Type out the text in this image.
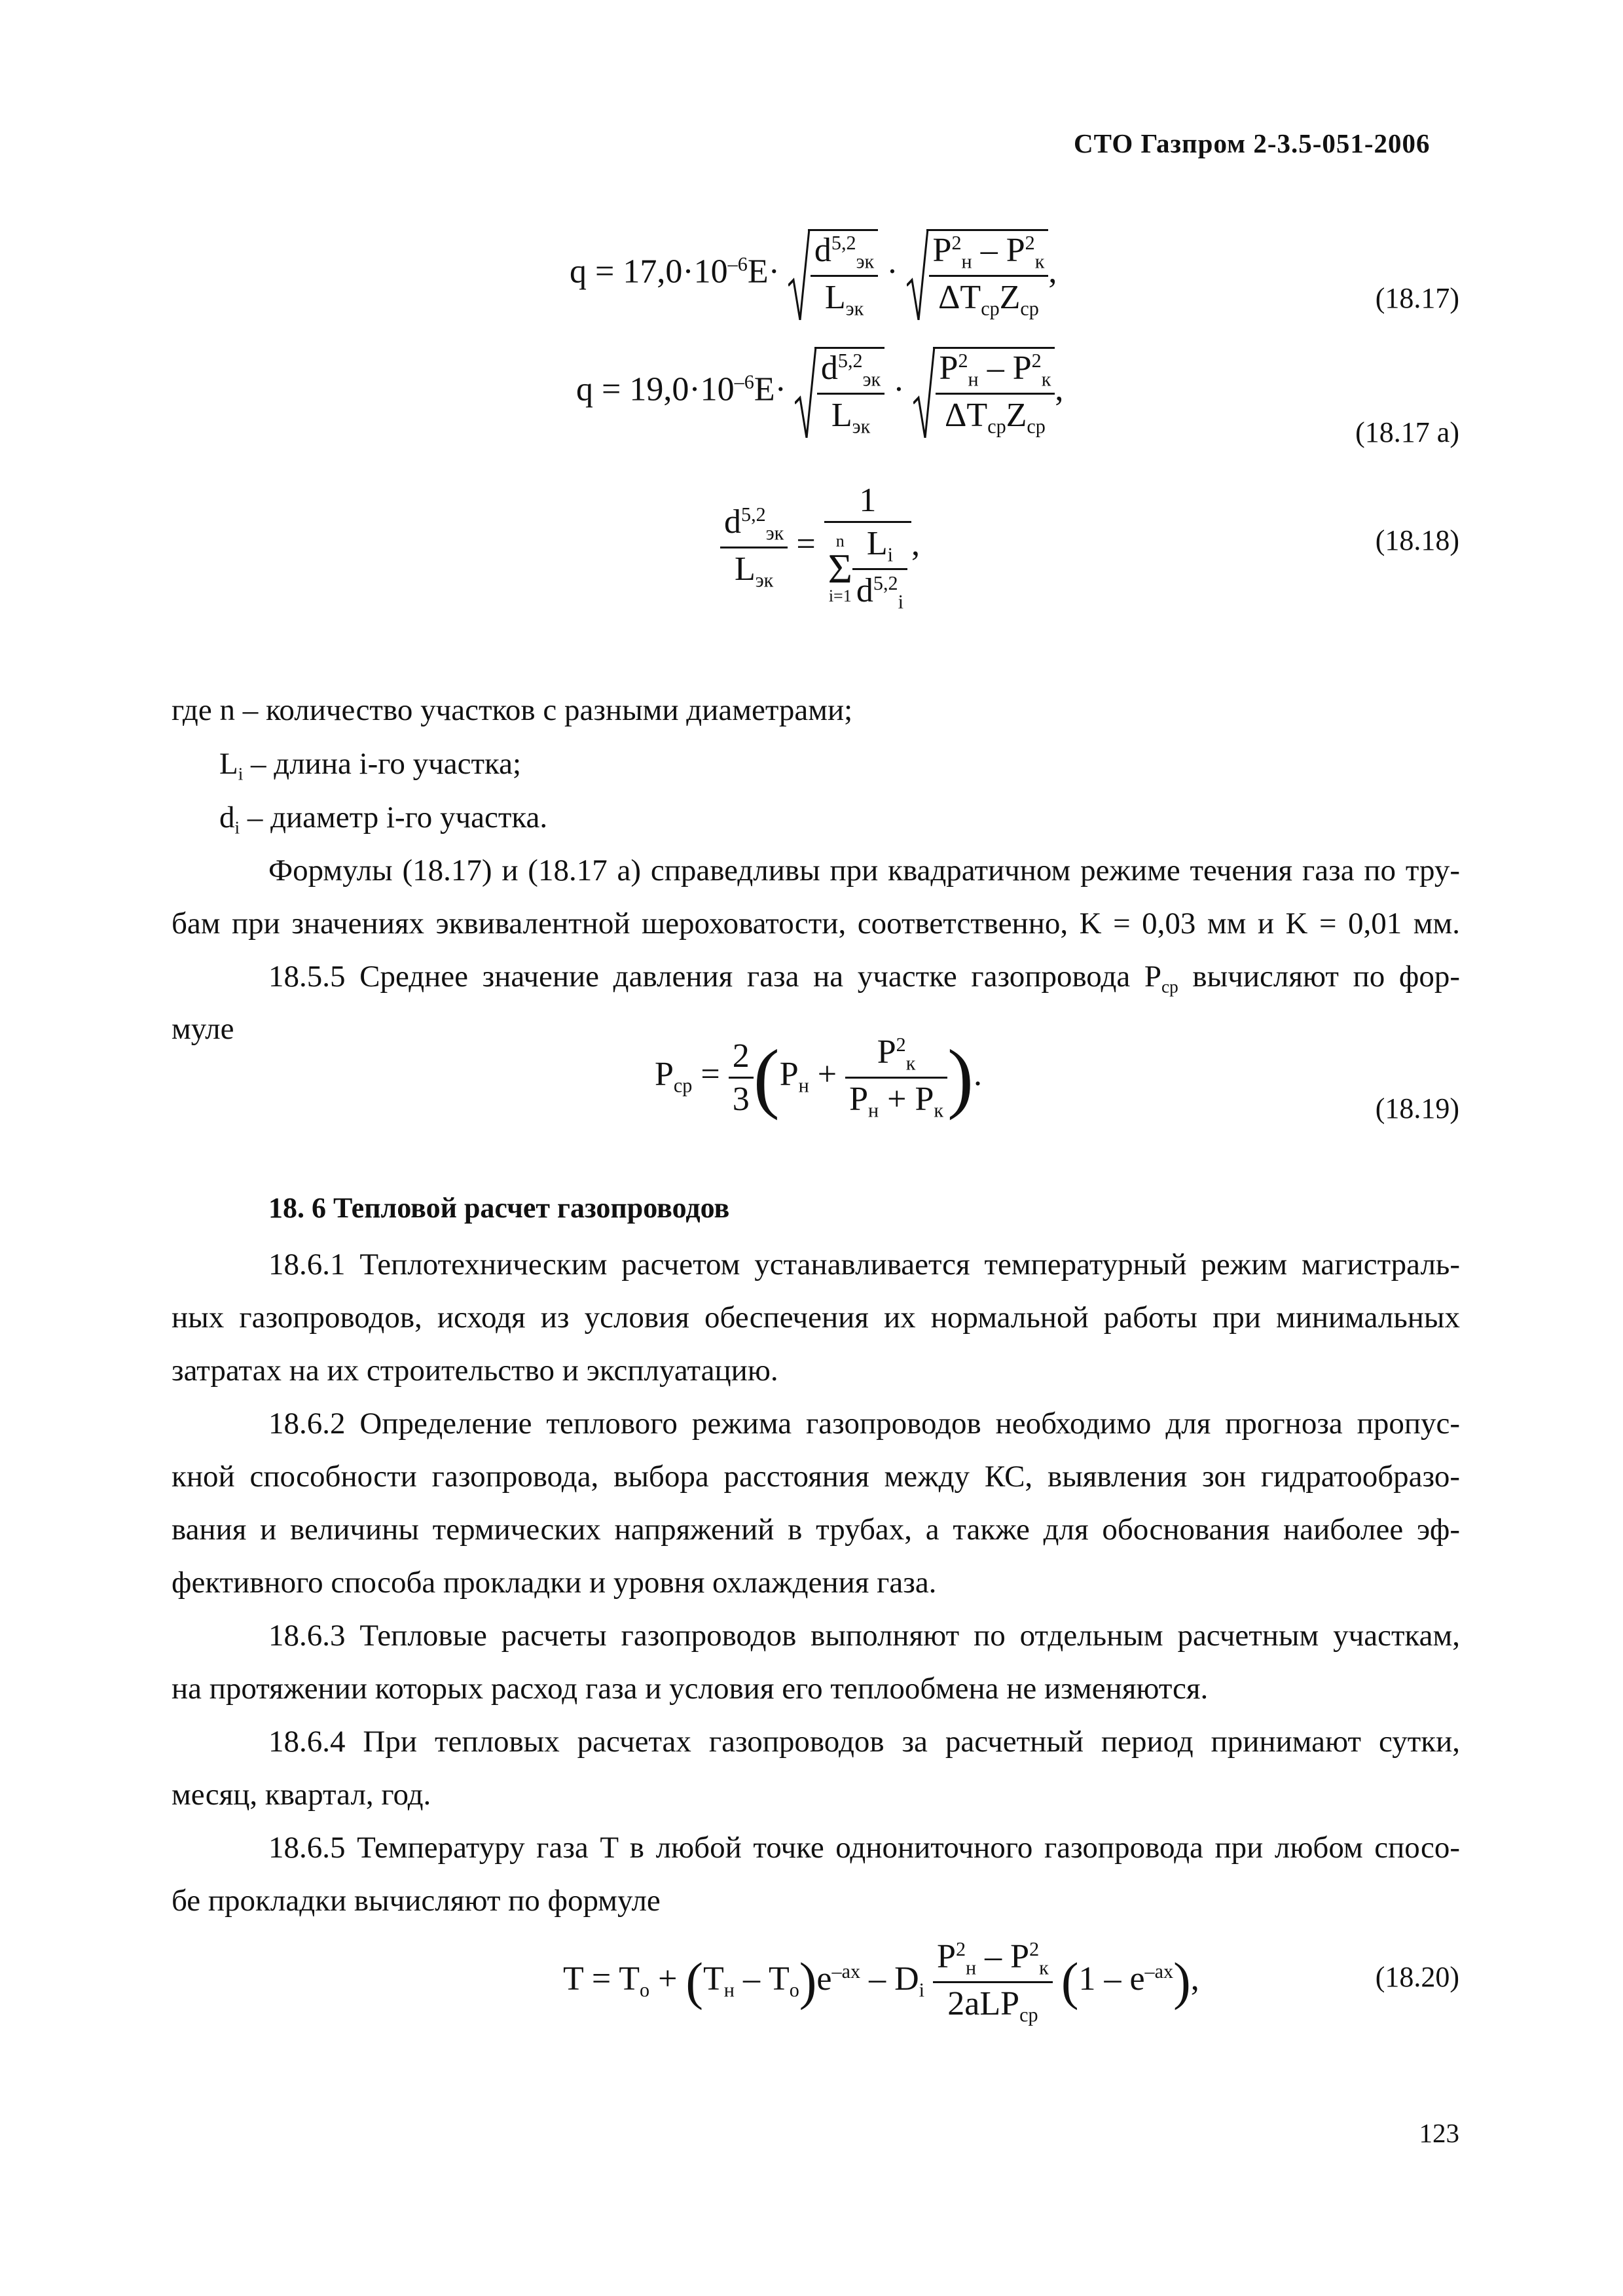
СТО Газпром 2-3.5-051-2006
$q = 17,0\cdot 10^{-6}E\cdot \frac{d^{5,2}_{эк}}{L_{эк}} \cdot \frac{P^2_н - P^2_к}{\Delta T_{ср}Z_{ср}}$ ,
(18.17)
$q = 19,0\cdot 10^{-6}E\cdot \frac{d^{5,2}_{эк}}{L_{эк}} \cdot \frac{P^2_н - P^2_к}{\Delta T_{ср}Z_{ср}}$ ,
(18.17 а)
$\frac{d^{5,2}_{эк}}{L_{эк}} = 1$
n
Σ
$i=1 \frac{L_i}{d^{5,2}_i}$ ,	(18.18)
где n – количество участков с разными диаметрами;
$L_i$ – длина i-го участка;
$d_i$ – диаметр i-го участка.
Формулы (18.17) и (18.17 а) справедливы при квадратичном режиме течения газа по тру-
бам при значениях эквивалентной шероховатости, соответственно, K = 0,03 мм и K = 0,01 мм.
18.5.5 Среднее значение давления газа на участке газопровода $P_{ср}$ вычисляют по фор-
муле
$P_{ср} = \frac{2}{3} (P_н + \frac{P^2_к}{P_н + P_к}$ ).
(18.19)
18. 6 Тепловой расчет газопроводов
18.6.1 Теплотехническим расчетом устанавливается температурный режим магистраль-
ных газопроводов, исходя из условия обеспечения их нормальной работы при минимальных
затратах на их строительство и эксплуатацию.
18.6.2 Определение теплового режима газопроводов необходимо для прогноза пропус-
кной способности газопровода, выбора расстояния между КС, выявления зон гидратообразо-
вания и величины термических напряжений в трубах, а также для обоснования наиболее эф-
фективного способа прокладки и уровня охлаждения газа.
18.6.3 Тепловые расчеты газопроводов выполняют по отдельным расчетным участкам,
на протяжении которых расход газа и условия его теплообмена не изменяются.
18.6.4 При тепловых расчетах газопроводов за расчетный период принимают сутки,
месяц, квартал, год.
18.6.5 Температуру газа T в любой точке однониточного газопровода при любом спосо-
бе прокладки вычисляют по формуле
$T = T_о + (T_н - T_о)e^{-ax} - D_i \frac{P^2_н - P^2_к}{2aLP_{ср}} (1 - e^{-ax})$,	(18.20)
123
